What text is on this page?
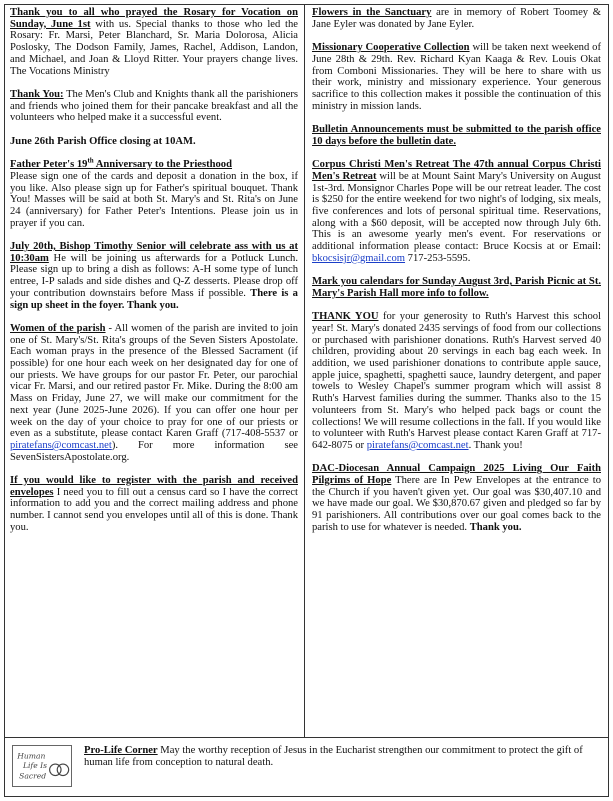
Thank you to all who prayed the Rosary for Vocation on Sunday, June 1st with us. Special thanks to those who led the Rosary: Fr. Marsi, Peter Blanchard, Sr. Maria Dolorosa, Alicia Poslosky, The Dodson Family, James, Rachel, Addison, Landon, and Michael, and Joan & Lloyd Ritter. Your prayers change lives. The Vocations Ministry

Thank You: The Men's Club and Knights thank all the parishioners and friends who joined them for their pancake breakfast and all the volunteers who helped make it a successful event.

June 26th Parish Office closing at 10AM.

Father Peter's 19th Anniversary to the Priesthood
Please sign one of the cards and deposit a donation in the box, if you like. Also please sign up for Father's spiritual bouquet. Thank You! Masses will be said at both St. Mary's and St. Rita's on June 24 (anniversary) for Father Peter's Intentions. Please join us in prayer if you can.

July 20th, Bishop Timothy Senior will celebrate ass with us at 10:30am He will be joining us afterwards for a Potluck Lunch. Please sign up to bring a dish as follows: A-H some type of lunch entree, I-P salads and side dishes and Q-Z desserts. Please drop off your contribution downstairs before Mass if possible. There is a sign up sheet in the foyer. Thank you.

Women of the parish - All women of the parish are invited to join one of St. Mary's/St. Rita's groups of the Seven Sisters Apostolate. Each woman prays in the presence of the Blessed Sacrament (if possible) for one hour each week on her designated day for one of our priests. We have groups for our pastor Fr. Peter, our parochial vicar Fr. Marsi, and our retired pastor Fr. Mike. During the 8:00 am Mass on Friday, June 27, we will make our commitment for the next year (June 2025-June 2026). If you can offer one hour per week on the day of your choice to pray for one of our priests or even as a substitute, please contact Karen Graff (717-408-5537 or piratefans@comcast.net). For more information see SevenSistersApostolate.org.

If you would like to register with the parish and received envelopes I need you to fill out a census card so I have the correct information to add you and the correct mailing address and phone number. I cannot send you envelopes until all of this is done. Thank you.

Flowers in the Sanctuary are in memory of Robert Toomey & Jane Eyler was donated by Jane Eyler.

Missionary Cooperative Collection will be taken next weekend of June 28th & 29th. Rev. Richard Kyan Kaaga & Rev. Louis Okat from Comboni Missionaries. They will be here to share with us their work, ministry and missionary experience. Your generous sacrifice to this collection makes it possible the continuation of this ministry in mission lands.

Bulletin Announcements must be submitted to the parish office 10 days before the bulletin date.

Corpus Christi Men's Retreat The 47th annual Corpus Christi Men's Retreat will be at Mount Saint Mary's University on August 1st-3rd. Monsignor Charles Pope will be our retreat leader. The cost is $250 for the entire weekend for two night's of lodging, six meals, five conferences and lots of personal spiritual time. Reservations, along with a $60 deposit, will be accepted now through July 6th. This is an awesome yearly men's event. For reservations or additional information please contact: Bruce Kocsis at or Email: bkocsisjr@gmail.com 717-253-5595.

Mark you calendars for Sunday August 3rd, Parish Picnic at St. Mary's Parish Hall more info to follow.

THANK YOU for your generosity to Ruth's Harvest this school year! St. Mary's donated 2435 servings of food from our collections or purchased with parishioner donations. Ruth's Harvest served 40 children, providing about 20 servings in each bag each week. In addition, we used parishioner donations to contribute apple sauce, apple juice, spaghetti, spaghetti sauce, laundry detergent, and paper towels to Wesley Chapel's summer program which will assist 8 Ruth's Harvest families during the summer. Thanks also to the 15 volunteers from St. Mary's who helped pack bags or count the collections! We will resume collections in the fall. If you would like to volunteer with Ruth's Harvest please contact Karen Graff at 717-642-8075 or piratefans@comcast.net. Thank you!

DAC-Diocesan Annual Campaign 2025 Living Our Faith Pilgrims of Hope There are In Pew Envelopes at the entrance to the Church if you haven't given yet. Our goal was $30,407.10 and we have made our goal. We $30,870.67 given and pledged so far by 91 parishioners. All contributions over our goal comes back to the parish to use for whatever is needed. Thank you.

Human
Life Is
Sacred
Pro-Life Corner May the worthy reception of Jesus in the Eucharist strengthen our commitment to protect the gift of human life from conception to natural death.
